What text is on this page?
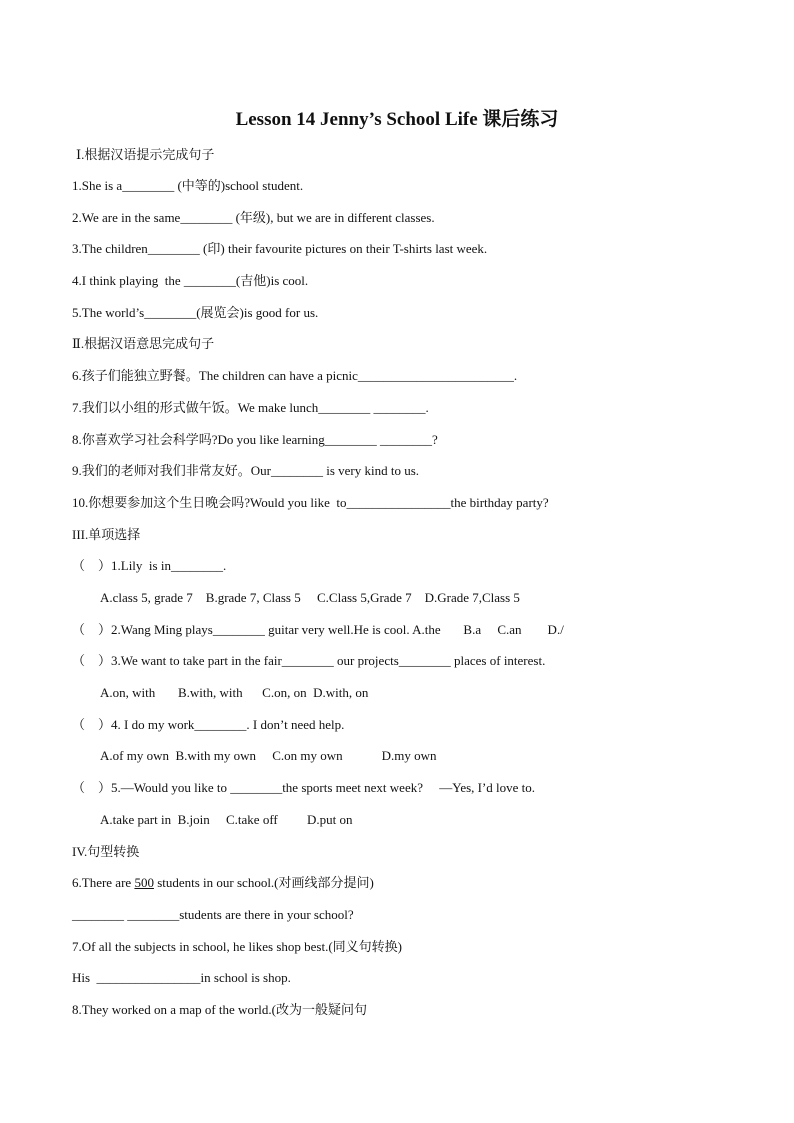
Lesson 14 Jenny’s School Life 课后练习
Ⅰ.根据汉语提示完成句子
1.She is a________ (中等的)school student.
2.We are in the same________ (年级), but we are in different classes.
3.The children________ (印) their favourite pictures on their T-shirts last week.
4.I think playing  the ________(吉他)is cool.
5.The world’s________(展览会)is good for us.
Ⅱ.根据汉语意思完成句子
6.孩子们能独立野餐。The children can have a picnic________________________.
7.我们以小组的形式做午饭。We make lunch________ ________.
8.你喜欢学习社会科学吗?Do you like learning________ ________?
9.我们的老师对我们非常友好。Our________ is very kind to us.
10.你想要参加这个生日晚会吗?Would you like  to________________the birthday party?
III.单项选择
（    ）1.Lily  is in________.
A.class 5, grade 7    B.grade 7, Class 5     C.Class 5,Grade 7    D.Grade 7,Class 5
（    ）2.Wang Ming plays________ guitar very well.He is cool. A.the       B.a     C.an        D./
（    ）3.We want to take part in the fair________ our projects________ places of interest.
A.on, with       B.with, with      C.on, on  D.with, on
（    ）4. I do my work________. I don’t need help.
A.of my own  B.with my own     C.on my own            D.my own
（    ）5.—Would you like to ________the sports meet next week?     —Yes, I’d love to.
A.take part in  B.join     C.take off         D.put on
IV.句型转换
6.There are 500 students in our school.(对画线部分提问)
________ ________students are there in your school?
7.Of all the subjects in school, he likes shop best.(同义句转换)
His  ________________in school is shop.
8.They worked on a map of the world.(改为一般疑问句
